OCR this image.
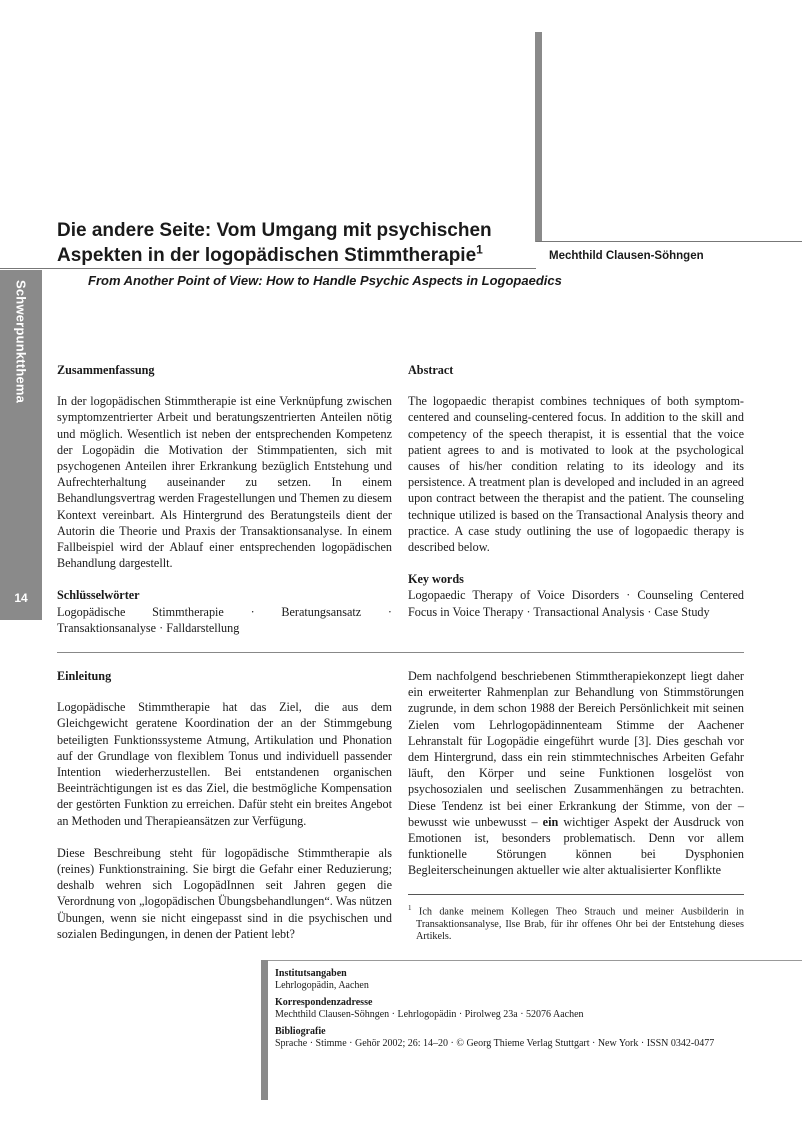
Schwerpunktthema
14
Die andere Seite: Vom Umgang mit psychischen
Aspekten in der logopädischen Stimmtherapie$^1$	Mechthild Clausen-Söhngen
From Another Point of View: How to Handle Psychic Aspects in Logopaedics
Zusammenfassung

In der logopädischen Stimmtherapie ist eine Verknüpfung zwischen symptomzentrierter Arbeit und beratungszentrierten Anteilen nötig und möglich. Wesentlich ist neben der entsprechenden Kompetenz der Logopädin die Motivation der Stimmpatienten, sich mit psychogenen Anteilen ihrer Erkrankung bezüglich Entstehung und Aufrechterhaltung auseinander zu setzen. In einem Behandlungsvertrag werden Fragestellungen und Themen zu diesem Kontext vereinbart. Als Hintergrund des Beratungsteils dient der Autorin die Theorie und Praxis der Transaktionsanalyse. In einem Fallbeispiel wird der Ablauf einer entsprechenden logopädischen Behandlung dargestellt.

Schlüsselwörter

Logopädische Stimmtherapie · Beratungsansatz · Transaktionsanalyse · Falldarstellung

Abstract

The logopaedic therapist combines techniques of both symptom-centered and counseling-centered focus. In addition to the skill and competency of the speech therapist, it is essential that the voice patient agrees to and is motivated to look at the psychological causes of his/her condition relating to its ideology and its persistence. A treatment plan is developed and included in an agreed upon contract between the therapist and the patient. The counseling technique utilized is based on the Transactional Analysis theory and practice. A case study outlining the use of logopaedic therapy is described below.

Key words

Logopaedic Therapy of Voice Disorders · Counseling Centered Focus in Voice Therapy · Transactional Analysis · Case Study

Einleitung

Logopädische Stimmtherapie hat das Ziel, die aus dem Gleichgewicht geratene Koordination der an der Stimmgebung beteiligten Funktionssysteme Atmung, Artikulation und Phonation auf der Grundlage von flexiblem Tonus und individuell passender Intention wiederherzustellen. Bei entstandenen organischen Beeinträchtigungen ist es das Ziel, die bestmögliche Kompensation der gestörten Funktion zu erreichen. Dafür steht ein breites Angebot an Methoden und Therapieansätzen zur Verfügung.

Diese Beschreibung steht für logopädische Stimmtherapie als (reines) Funktionstraining. Sie birgt die Gefahr einer Reduzierung; deshalb wehren sich LogopädInnen seit Jahren gegen die Verordnung von „logopädischen Übungsbehandlungen“. Was nützen Übungen, wenn sie nicht eingepasst sind in die psychischen und sozialen Bedingungen, in denen der Patient lebt?

Dem nachfolgend beschriebenen Stimmtherapiekonzept liegt daher ein erweiterter Rahmenplan zur Behandlung von Stimmstörungen zugrunde, in dem schon 1988 der Bereich Persönlichkeit mit seinen Zielen vom Lehrlogopädinnenteam Stimme der Aachener Lehranstalt für Logopädie eingeführt wurde [3]. Dies geschah vor dem Hintergrund, dass ein rein stimmtechnisches Arbeiten Gefahr läuft, den Körper und seine Funktionen losgelöst von psychosozialen und seelischen Zusammenhängen zu betrachten. Diese Tendenz ist bei einer Erkrankung der Stimme, von der – bewusst wie unbewusst – ein wichtiger Aspekt der Ausdruck von Emotionen ist, besonders problematisch. Denn vor allem funktionelle Störungen können bei Dysphonien Begleiterscheinungen aktueller wie alter aktualisierter Konflikte

$^1$ Ich danke meinem Kollegen Theo Strauch und meiner Ausbilderin in Transaktionsanalyse, Ilse Brab, für ihr offenes Ohr bei der Entstehung dieses Artikels.

Institutsangaben
Lehrlogopädin, Aachen
Korrespondenzadresse
Mechthild Clausen-Söhngen · Lehrlogopädin · Pirolweg 23a · 52076 Aachen
Bibliografie
Sprache · Stimme · Gehör 2002; 26: 14–20 · © Georg Thieme Verlag Stuttgart · New York · ISSN 0342-0477
